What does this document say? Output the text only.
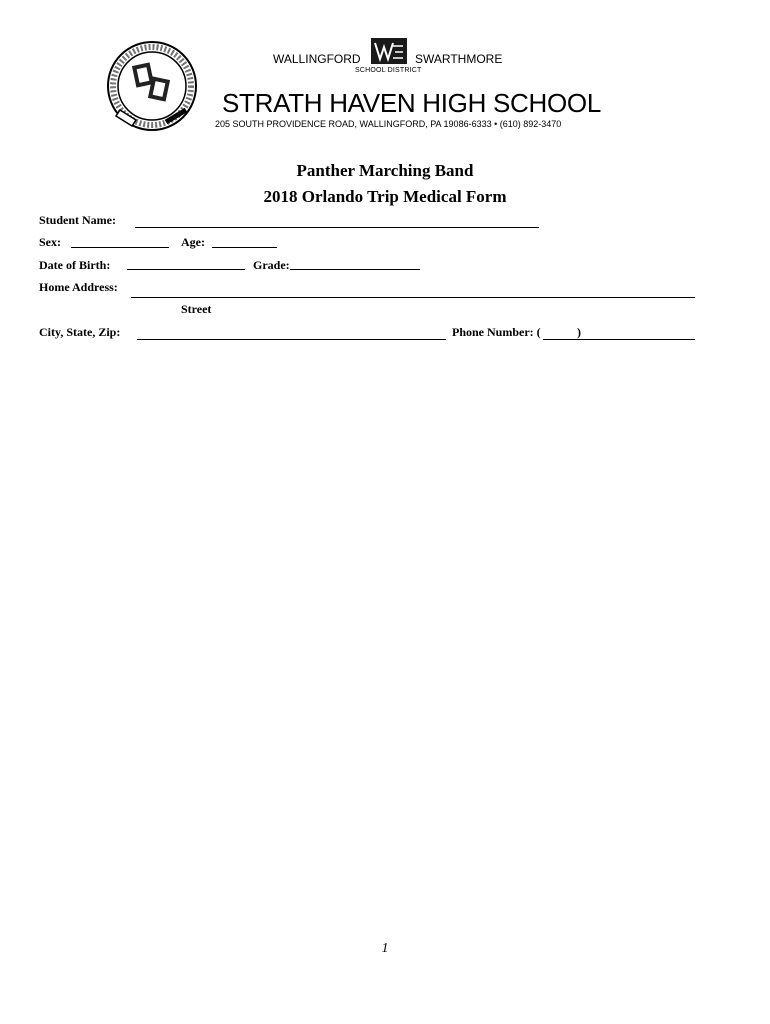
WALLINGFORD	SWARTHMORE
SCHOOL DISTRICT
STRATH HAVEN HIGH SCHOOL
205 SOUTH PROVIDENCE ROAD, WALLINGFORD, PA 19086-6333 • (610) 892-3470
Panther Marching Band
2018 Orlando Trip Medical Form
Student Name:
Sex:	Age:
Date of Birth:	Grade:
Home Address:
Street
City, State, Zip:	Phone Number: (	)
1
